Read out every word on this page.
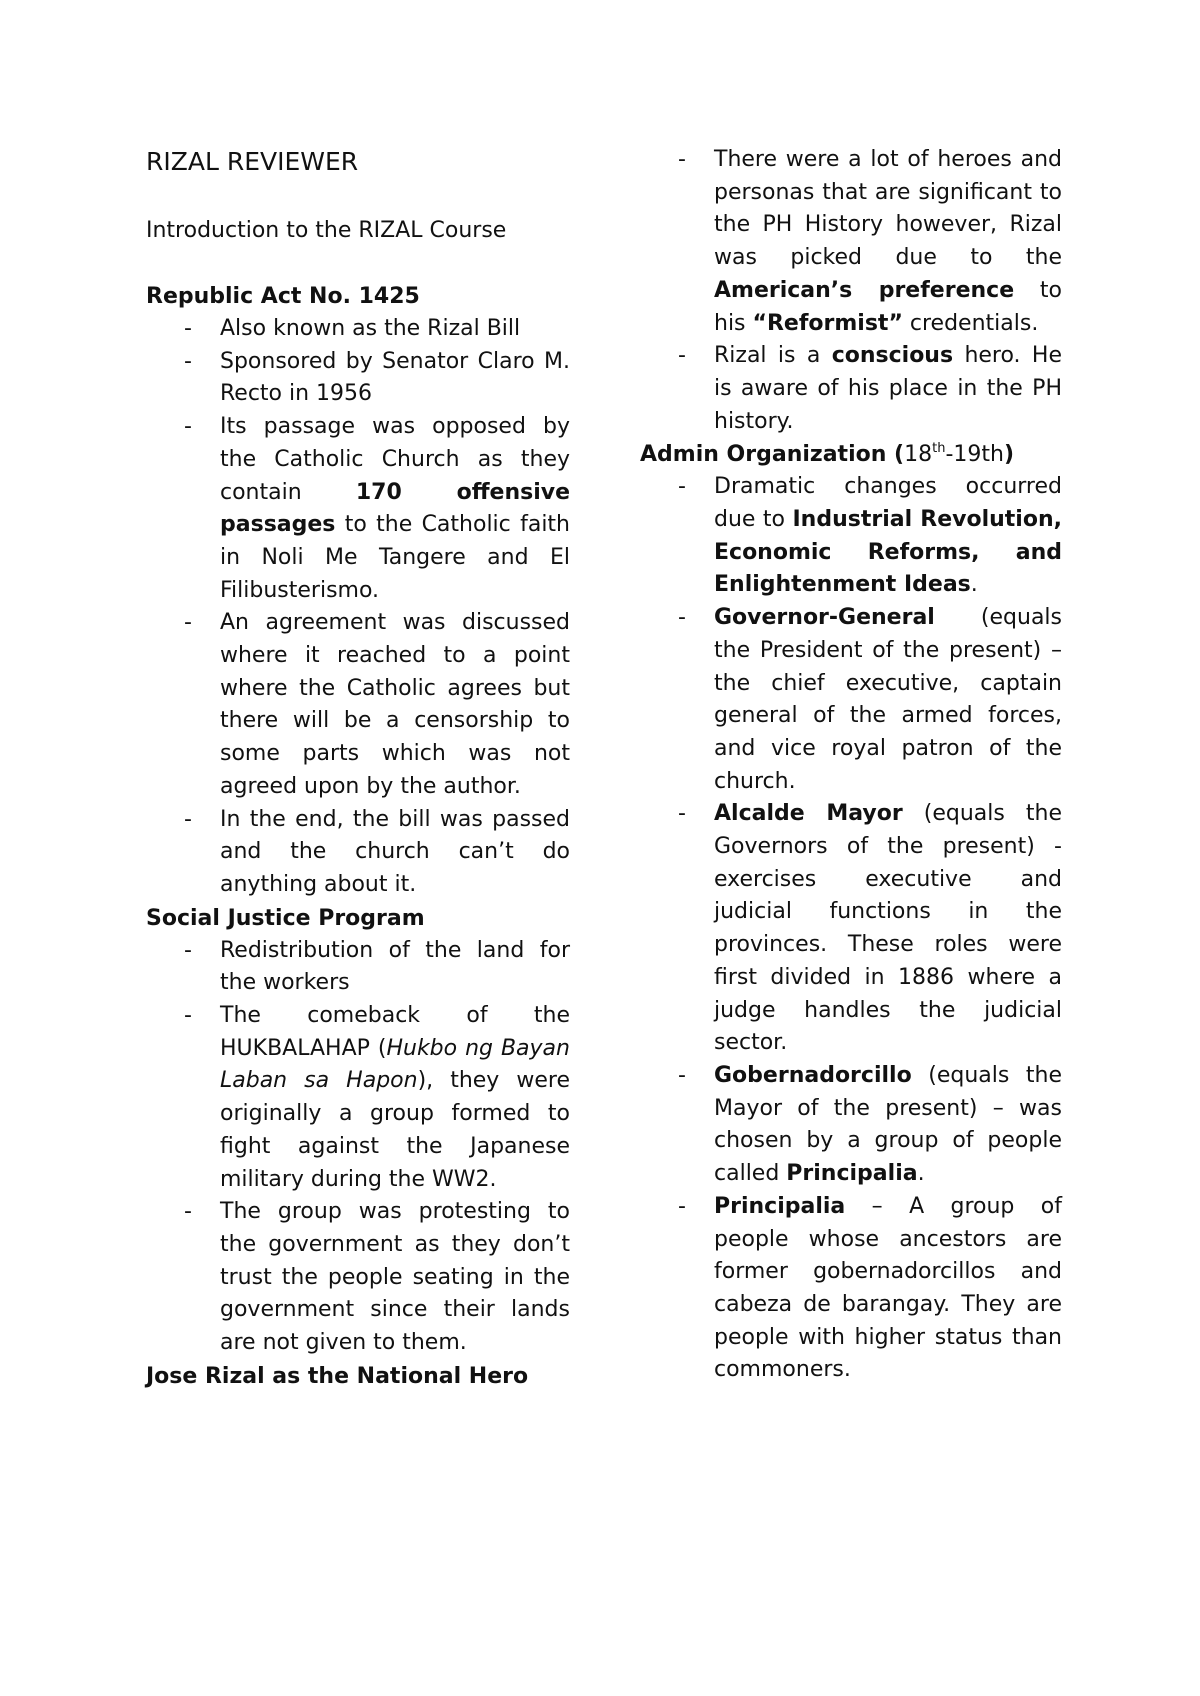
RIZAL REVIEWER
Introduction to the RIZAL Course
Republic Act No. 1425
- Also known as the Rizal Bill
- Sponsored by Senator Claro M. Recto in 1956
- Its passage was opposed by the Catholic Church as they contain 170 offensive passages to the Catholic faith in Noli Me Tangere and El Filibusterismo.
- An agreement was discussed where it reached to a point where the Catholic agrees but there will be a censorship to some parts which was not agreed upon by the author.
- In the end, the bill was passed and the church can’t do anything about it.
Social Justice Program
- Redistribution of the land for the workers
- The comeback of the HUKBALAHAP (Hukbo ng Bayan Laban sa Hapon), they were originally a group formed to fight against the Japanese military during the WW2.
- The group was protesting to the government as they don’t trust the people seating in the government since their lands are not given to them.
Jose Rizal as the National Hero
- There were a lot of heroes and personas that are significant to the PH History however, Rizal was picked due to the American’s preference to his “Reformist” credentials.
- Rizal is a conscious hero. He is aware of his place in the PH history.
Admin Organization (18th-19th)
- Dramatic changes occurred due to Industrial Revolution, Economic Reforms, and Enlightenment Ideas.
- Governor-General (equals the President of the present) – the chief executive, captain general of the armed forces, and vice royal patron of the church.
- Alcalde Mayor (equals the Governors of the present) - exercises executive and judicial functions in the provinces. These roles were first divided in 1886 where a judge handles the judicial sector.
- Gobernadorcillo (equals the Mayor of the present) – was chosen by a group of people called Principalia.
- Principalia – A group of people whose ancestors are former gobernadorcillos and cabeza de barangay. They are people with higher status than commoners.
